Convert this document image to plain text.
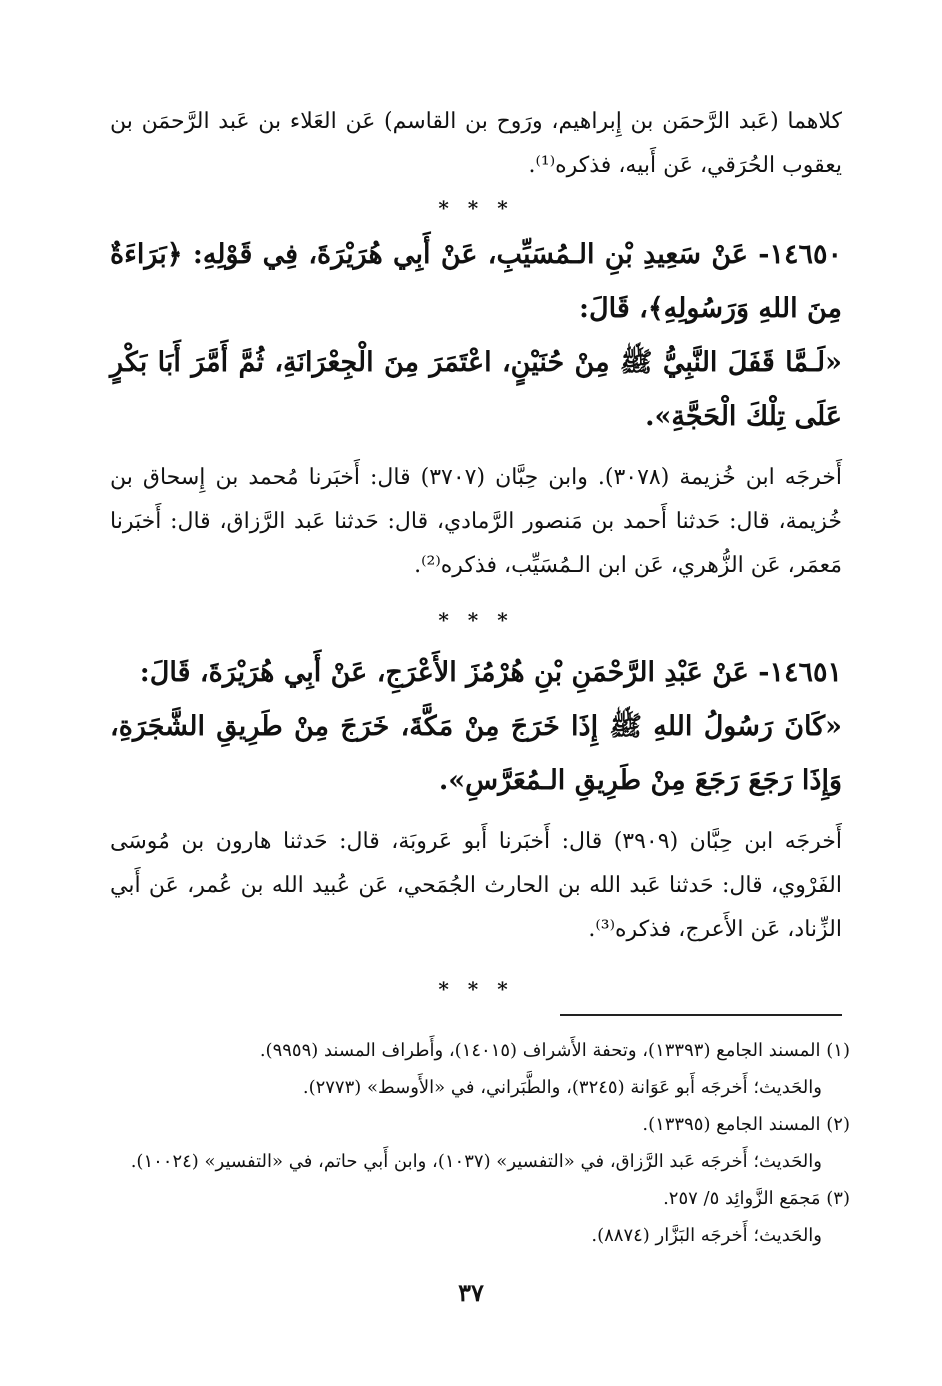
كلاهما (عَبد الرَّحمَن بن إِبراهيم، ورَوح بن القاسم) عَن العَلاء بن عَبد الرَّحمَن بن يعقوب الحُرَقي، عَن أَبيه، فذكره⁽¹⁾.

* * *

١٤٦٥٠- عَنْ سَعِيدِ بْنِ الـمُسَيِّبِ، عَنْ أَبِي هُرَيْرَةَ، فِي قَوْلِهِ: ﴿بَرَاءَةٌ مِنَ اللهِ وَرَسُولِهِ﴾، قَالَ:

«لَـمَّا قَفَلَ النَّبِيُّ ﷺ مِنْ حُنَيْنٍ، اعْتَمَرَ مِنَ الْجِعْرَانَةِ، ثُمَّ أَمَّرَ أَبَا بَكْرٍ عَلَى تِلْكَ الْحَجَّةِ».

أَخرجَه ابن خُزيمة (٣٠٧٨). وابن حِبَّان (٣٧٠٧) قال: أَخبَرنا مُحمد بن إِسحاق بن خُزيمة، قال: حَدثنا أَحمد بن مَنصور الرَّمادي، قال: حَدثنا عَبد الرَّزاق، قال: أَخبَرنا مَعمَر، عَن الزُّهري، عَن ابن الـمُسَيِّب، فذكره⁽²⁾.

* * *

١٤٦٥١- عَنْ عَبْدِ الرَّحْمَنِ بْنِ هُرْمُزَ الأَعْرَجِ، عَنْ أَبِي هُرَيْرَةَ، قَالَ:

«كَانَ رَسُولُ اللهِ ﷺ إِذَا خَرَجَ مِنْ مَكَّةَ، خَرَجَ مِنْ طَرِيقِ الشَّجَرَةِ، وَإِذَا رَجَعَ رَجَعَ مِنْ طَرِيقِ الـمُعَرَّسِ».

أَخرجَه ابن حِبَّان (٣٩٠٩) قال: أَخبَرنا أَبو عَروبَة، قال: حَدثنا هارون بن مُوسَى الفَرْوي، قال: حَدثنا عَبد الله بن الحارث الجُمَحي، عَن عُبيد الله بن عُمر، عَن أَبي الزِّناد، عَن الأَعرج، فذكره⁽³⁾.

* * *

(١) المسند الجامع (١٣٣٩٣)، وتحفة الأَشراف (١٤٠١٥)، وأَطراف المسند (٩٩٥٩).

والحَديث؛ أَخرجَه أَبو عَوَانة (٣٢٤٥)، والطَّبَراني، في «الأَوسط» (٢٧٧٣).

(٢) المسند الجامع (١٣٣٩٥).

والحَديث؛ أَخرجَه عَبد الرَّزاق، في «التفسير» (١٠٣٧)، وابن أَبي حاتم، في «التفسير» (١٠٠٢٤).

(٣) مَجمَع الزَّوائِد ٥/ ٢٥٧.

والحَديث؛ أَخرجَه البَزَّار (٨٨٧٤).

٣٧
